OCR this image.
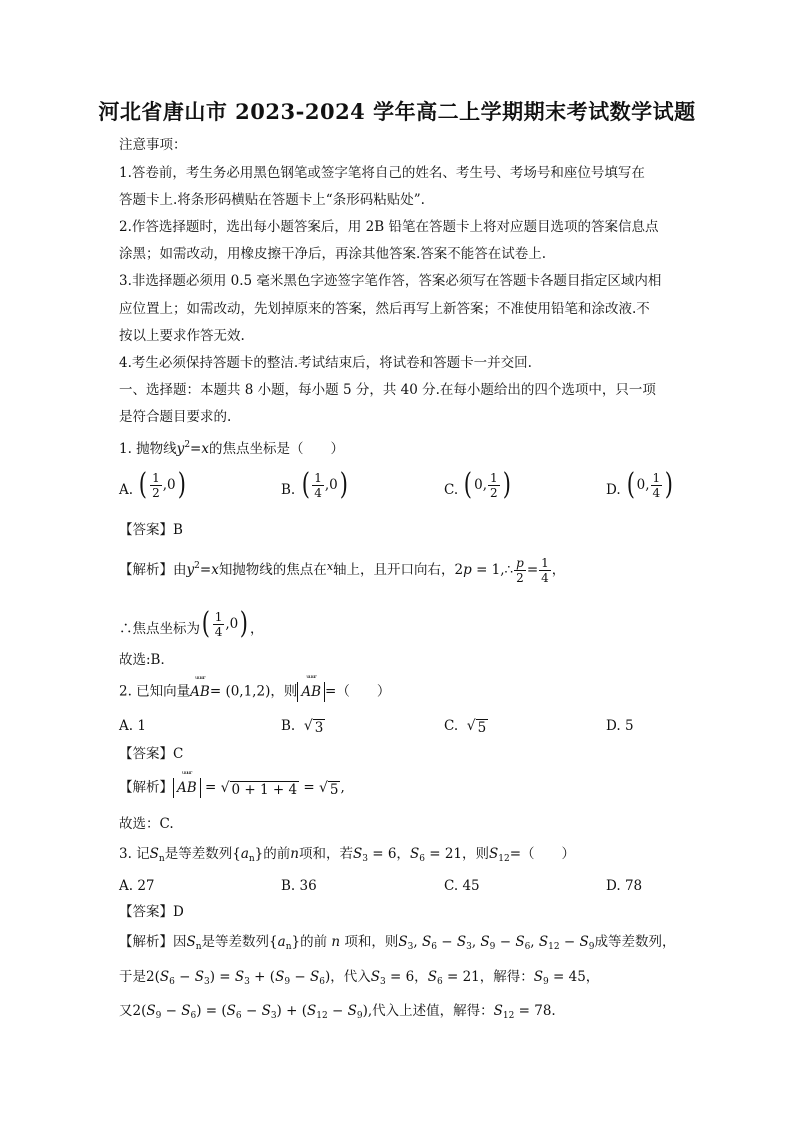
河北省唐山市 2023-2024 学年高二上学期期末考试数学试题
注意事项：
1.答卷前，考生务必用黑色钢笔或签字笔将自己的姓名、考生号、考场号和座位号填写在
答题卡上.将条形码横贴在答题卡上“条形码粘贴处”.
2.作答选择题时，选出每小题答案后，用 2B 铅笔在答题卡上将对应题目选项的答案信息点
涂黑；如需改动，用橡皮擦干净后，再涂其他答案.答案不能答在试卷上.
3.非选择题必须用 0.5 毫米黑色字迹签字笔作答，答案必须写在答题卡各题目指定区域内相
应位置上；如需改动，先划掉原来的答案，然后再写上新答案；不准使用铅笔和涂改液.不
按以上要求作答无效.
4.考生必须保持答题卡的整洁.考试结束后，将试卷和答题卡一并交回.
一、选择题：本题共 8 小题，每小题 5 分，共 40 分.在每小题给出的四个选项中，只一项
是符合题目要求的.
1. 抛物线$y^2=x$的焦点坐标是（　　）
A. ( $\frac{1}{2} ,0$ )	B. ( $\frac{1}{4} ,0$ )	C. ( 0, $\frac{1}{2}$ )	D. ( 0, $\frac{1}{4}$ )
【答案】B
【解析】由$y^2=x$知抛物线的焦点在$^x$轴上，且开口向右，2p = 1,∴ $\frac{p}{2} = \frac{1}{4}$ ，
∴焦点坐标为 ( $\frac{1}{4} ,0$ ) ，
故选:B．
2. 已知向量
ᵘᵘᵘʳ
AB= (0,1,2)，则
ᵘᵘᵘʳ
AB =（　　）
A. 1	B. √ 3	C. √ 5	D. 5
【答案】C
【解析】
ᵘᵘᵘʳ
AB = √ 0 + 1 + 4 = √ 5 ,
故选：C.
3. 记$S_n$是等差数列$\{a_n\}$的前n项和，若$S_3 = 6$，$S_6 = 21$，则$S_{12}=$（　　）
A. 27	B. 36	C. 45	D. 78
【答案】D
【解析】因$S_n$是等差数列$\{a_n\}$的前 n 项和，则$S_3$, $S_6 - S_3$, $S_9 - S_6$, $S_{12} - S_9$成等差数列，
于是$2(S_6 - S_3) = S_3 + (S_9 - S_6)$，代入$S_3 = 6$，$S_6 = 21$，解得：$S_9 = 45$，
又$2(S_9 - S_6) = (S_6 - S_3) + (S_{12} - S_9)$,代入上述值，解得：$S_{12} = 78$.
